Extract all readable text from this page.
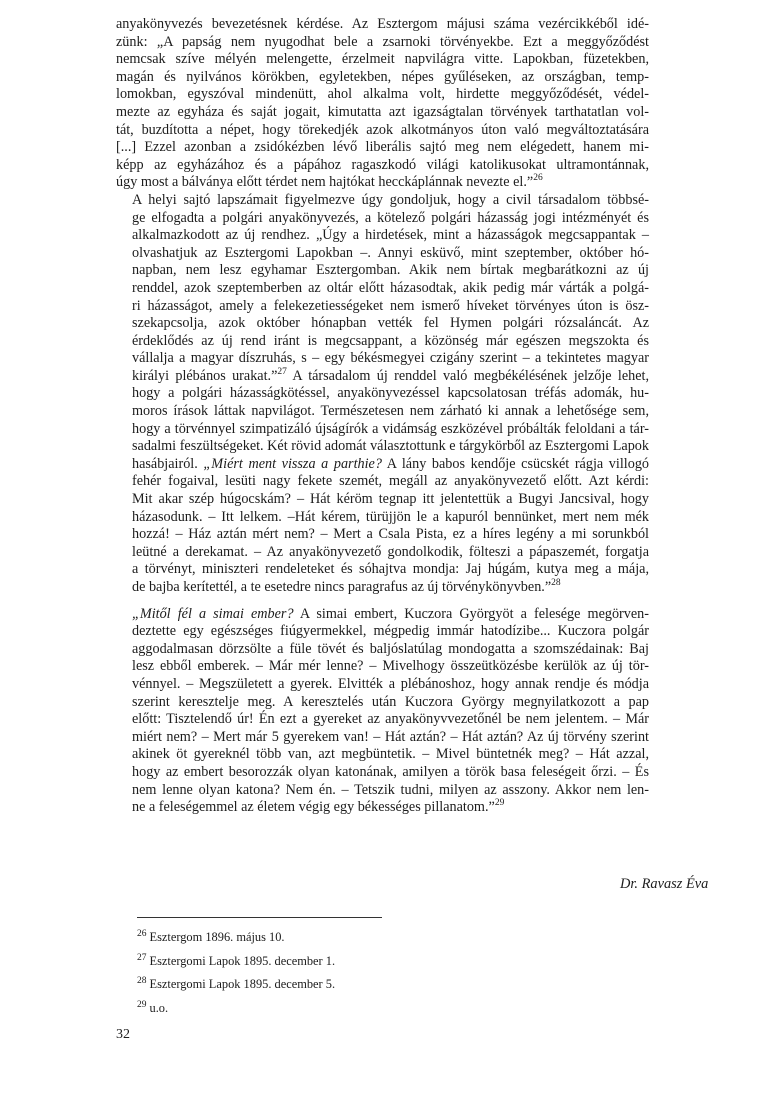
anyakönyvezés bevezetésnek kérdése. Az Esztergom májusi száma vezércikkéből idé-
zünk: „A papság nem nyugodhat bele a zsarnoki törvényekbe. Ezt a meggyőződést
nemcsak szíve mélyén melengette, érzelmeit napvilágra vitte. Lapokban, füzetekben,
magán és nyilvános körökben, egyletekben, népes gyűléseken, az országban, temp-
lomokban, egyszóval mindenütt, ahol alkalma volt, hirdette meggyőződését, védel-
mezte az egyháza és saját jogait, kimutatta azt igazságtalan törvények tarthatatlan vol-
tát, buzdította a népet, hogy törekedjék azok alkotmányos úton való megváltoztatására
[...] Ezzel azonban a zsidókézben lévő liberális sajtó meg nem elégedett, hanem mi-
képp az egyházához és a pápához ragaszkodó világi katolikusokat ultramontánnak,
úgy most a bálványa előtt térdet nem hajtókat hecckáplánnak nevezte el.”$^{26}$

A helyi sajtó lapszámait figyelmezve úgy gondoljuk, hogy a civil társadalom többsé-
ge elfogadta a polgári anyakönyvezés, a kötelező polgári házasság jogi intézményét és
alkalmazkodott az új rendhez. „Úgy a hirdetések, mint a házasságok megcsappantak –
olvashatjuk az Esztergomi Lapokban –. Annyi esküvő, mint szeptember, október hó-
napban, nem lesz egyhamar Esztergomban. Akik nem bírtak megbarátkozni az új
renddel, azok szeptemberben az oltár előtt házasodtak, akik pedig már várták a polgá-
ri házasságot, amely a felekezetiességeket nem ismerő híveket törvényes úton is ösz-
szekapcsolja, azok október hónapban vették fel Hymen polgári rózsaláncát. Az
érdeklődés az új rend iránt is megcsappant, a közönség már egészen megszokta és
vállalja a magyar díszruhás, s – egy békésmegyei czigány szerint – a tekintetes magyar
királyi plébános urakat.”$^{27}$ A társadalom új renddel való megbékélésének jelzője lehet,
hogy a polgári házasságkötéssel, anyakönyvezéssel kapcsolatosan tréfás adomák, hu-
moros írások láttak napvilágot. Természetesen nem zárható ki annak a lehetősége sem,
hogy a törvénnyel szimpatizáló újságírók a vidámság eszközével próbálták feloldani a tár-
sadalmi feszültségeket. Két rövid adomát választottunk e tárgykörből az Esztergomi Lapok
hasábjairól. „Miért ment vissza a parthie? A lány babos kendője csücskét rágja villogó
fehér fogaival, lesüti nagy fekete szemét, megáll az anyakönyvezető előtt. Azt kérdi:
Mit akar szép húgocskám? – Hát kéröm tegnap itt jelentettük a Bugyi Jancsival, hogy
házasodunk. – Itt lelkem. –Hát kérem, türüjjön le a kapuról bennünket, mert nem mék
hozzá! – Ház aztán mért nem? – Mert a Csala Pista, ez a híres legény a mi sorunkból
leütné a derekamat. – Az anyakönyvezető gondolkodik, fölteszi a pápaszemét, forgatja
a törvényt, miniszteri rendeleteket és sóhajtva mondja: Jaj húgám, kutya meg a mája,
de bajba kerítettél, a te esetedre nincs paragrafus az új törvénykönyvben.”$^{28}$

„Mitől fél a simai ember? A simai embert, Kuczora Györgyöt a felesége megörven-
deztette egy egészséges fiúgyermekkel, mégpedig immár hatodízibe... Kuczora polgár
aggodalmasan dörzsölte a füle tövét és baljóslatúlag mondogatta a szomszédainak: Baj
lesz ebből emberek. – Már mér lenne? – Mivelhogy összeütközésbe kerülök az új tör-
vénnyel. – Megszületett a gyerek. Elvitték a plébánoshoz, hogy annak rendje és módja
szerint keresztelje meg. A keresztelés után Kuczora György megnyilatkozott a pap
előtt: Tisztelendő úr! Én ezt a gyereket az anyakönyvvezetőnél be nem jelentem. – Már
miért nem? – Mert már 5 gyerekem van! – Hát aztán? – Hát aztán? Az új törvény szerint
akinek öt gyereknél több van, azt megbüntetik. – Mivel büntetnék meg? – Hát azzal,
hogy az embert besorozzák olyan katonának, amilyen a török basa feleségeit őrzi. – És
nem lenne olyan katona? Nem én. – Tetszik tudni, milyen az asszony. Akkor nem len-
ne a feleségemmel az életem végig egy békességes pillanatom.”$^{29}$

Dr. Ravasz Éva
$^{26}$ Esztergom 1896. május 10.
$^{27}$ Esztergomi Lapok 1895. december 1.
$^{28}$ Esztergomi Lapok 1895. december 5.
$^{29}$ u.o.
32
